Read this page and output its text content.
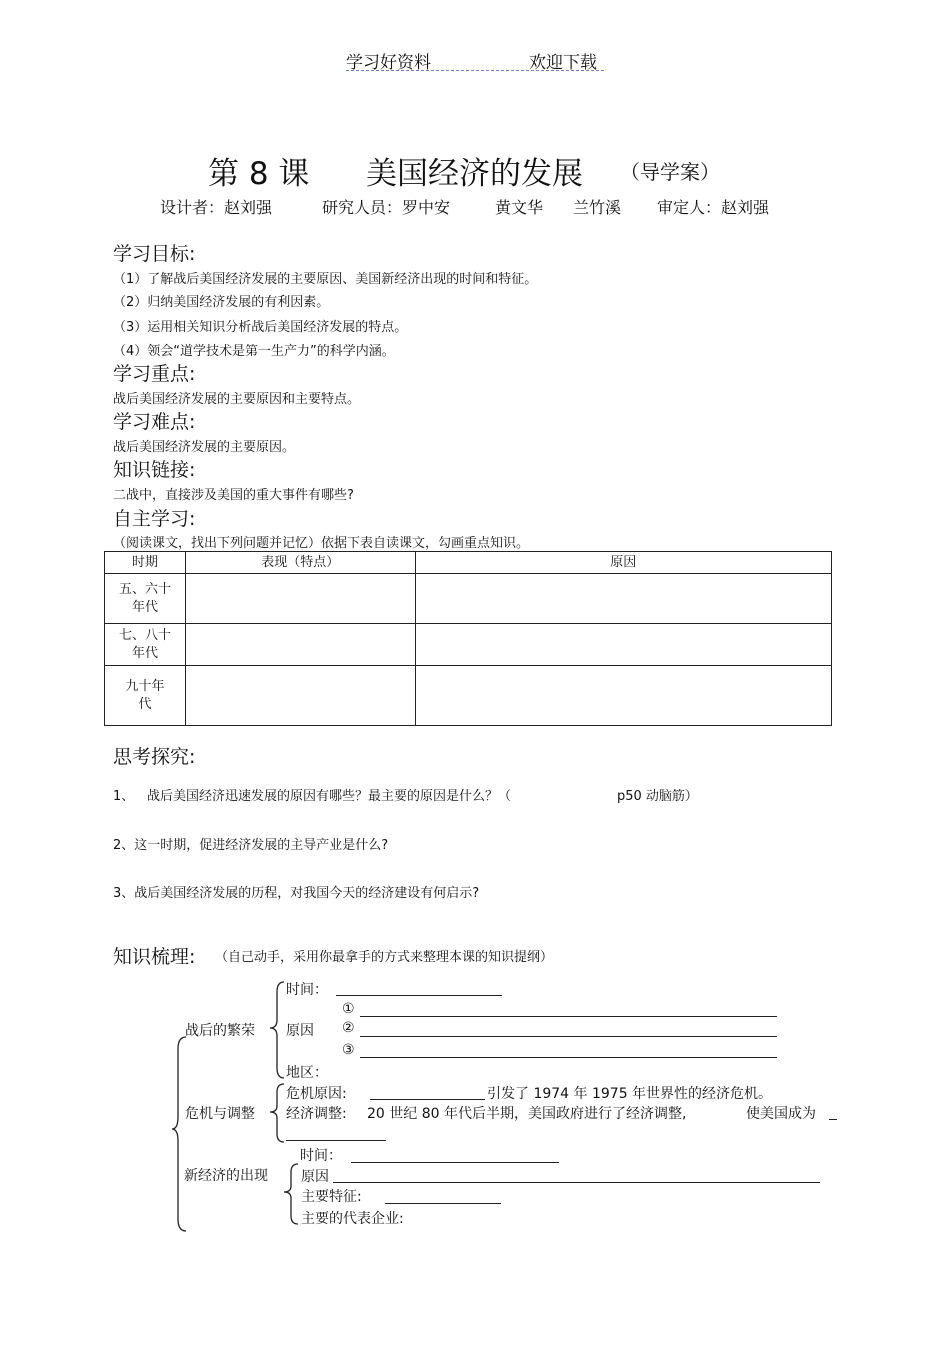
学习好资料	欢迎下载
第 8 课 美国经济的发展 （导学案）
设计者：赵刘强	研究人员：罗中安	黄文华 兰竹溪 审定人：赵刘强
学习目标:
（1）了解战后美国经济发展的主要原因、美国新经济出现的时间和特征。
（2）归纳美国经济发展的有利因素。
（3）运用相关知识分析战后美国经济发展的特点。
（4）领会“道学技术是第一生产力”的科学内涵。
学习重点:
战后美国经济发展的主要原因和主要特点。
学习难点:
战后美国经济发展的主要原因。
知识链接:
二战中，直接涉及美国的重大事件有哪些?
自主学习:
（阅读课文，找出下列问题并记忆）依据下表自读课文，勾画重点知识。
时期	表现（特点）	原因

五、六十
年代		

七、八十
年代		

九十年
代		

思考探究:
1、 战后美国经济迅速发展的原因有哪些？最主要的原因是什么？（	p50 动脑筋）
2、这一时期，促进经济发展的主导产业是什么?
3、战后美国经济发展的历程，对我国今天的经济建设有何启示?
知识梳理: （自己动手，采用你最拿手的方式来整理本课的知识提纲）
战后的繁荣
时间：
①
原因 ②
③
地区：
危机与调整
危机原因:	引发了 1974 年 1975 年世界性的经济危机。
经济调整: 20 世纪 80 年代后半期，美国政府进行了经济调整,	使美国成为
新经济的出现
时间：
原因
主要特征:
主要的代表企业:
